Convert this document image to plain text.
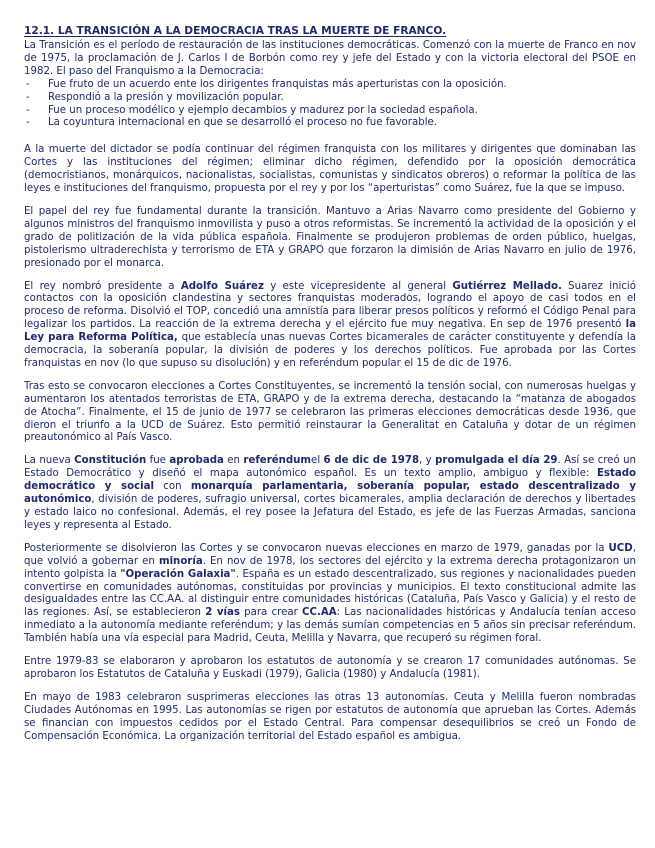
12.1. LA TRANSICIÓN A LA DEMOCRACIA TRAS LA MUERTE DE FRANCO.

La Transición es el período de restauración de las instituciones democráticas. Comenzó con la muerte de Franco en nov de 1975, la proclamación de J. Carlos I de Borbón como rey y jefe del Estado y con la victoria electoral del PSOE en 1982. El paso del Franquismo a la Democracia:

- Fue fruto de un acuerdo ente los dirigentes franquistas más aperturistas con la oposición.
- Respondió a la presión y movilización popular.
- Fue un proceso modélico y ejemplo decambios y madurez por la sociedad española.
- La coyuntura internacional en que se desarrolló el proceso no fue favorable.

A la muerte del dictador se podía continuar del régimen franquista con los militares y dirigentes que dominaban las Cortes y las instituciones del régimen; eliminar dicho régimen, defendido por la oposición democrática (democristianos, monárquicos, nacionalistas, socialistas, comunistas y sindicatos obreros) o reformar la política de las leyes e instituciones del franquismo, propuesta por el rey y por los “aperturistas” como Suárez, fue la que se impuso.

El papel del rey fue fundamental durante la transición. Mantuvo a Arias Navarro como presidente del Gobierno y algunos ministros del franquismo inmovilista y puso a otros reformistas. Se incrementó la actividad de la oposición y el grado de politización de la vida pública española. Finalmente se produjeron problemas de orden público, huelgas, pistolerismo ultraderechista y terrorismo de ETA y GRAPO que forzaron la dimisión de Arias Navarro en julio de 1976, presionado por el monarca.

El rey nombró presidente a Adolfo Suárez y este vicepresidente al general Gutiérrez Mellado. Suarez inició contactos con la oposición clandestina y sectores franquistas moderados, logrando el apoyo de casi todos en el proceso de reforma. Disolvió el TOP, concedió una amnistía para liberar presos políticos y reformó el Código Penal para legalizar los partidos. La reacción de la extrema derecha y el ejército fue muy negativa. En sep de 1976 presentó la Ley para Reforma Política, que establecía unas nuevas Cortes bicamerales de carácter constituyente y defendía la democracia, la soberanía popular, la división de poderes y los derechos políticos. Fue aprobada por las Cortes franquistas en nov (lo que supuso su disolución) y en referéndum popular el 15 de dic de 1976.

Tras esto se convocaron elecciones a Cortes Constituyentes, se incrementó la tensión social, con numerosas huelgas y aumentaron los atentados terroristas de ETA, GRAPO y de la extrema derecha, destacando la “matanza de abogados de Atocha”. Finalmente, el 15 de junio de 1977 se celebraron las primeras elecciones democráticas desde 1936, que dieron el triunfo a la UCD de Suárez. Esto permitió reinstaurar la Generalitat en Cataluña y dotar de un régimen preautonómico al País Vasco.

La nueva Constitución fue aprobada en referéndumel 6 de dic de 1978, y promulgada el día 29. Así se creó un Estado Democrático y diseñó el mapa autonómico español. Es un texto amplio, ambiguo y flexible: Estado democrático y social con monarquía parlamentaria, soberanía popular, estado descentralizado y autonómico, división de poderes, sufragio universal, cortes bicamerales, amplia declaración de derechos y libertades y estado laico no confesional. Además, el rey posee la Jefatura del Estado, es jefe de las Fuerzas Armadas, sanciona leyes y representa al Estado.

Posteriormente se disolvieron las Cortes y se convocaron nuevas elecciones en marzo de 1979, ganadas por la UCD, que volvió a gobernar en minoría. En nov de 1978, los sectores del ejército y la extrema derecha protagonizaron un intento golpista la "Operación Galaxia". España es un estado descentralizado, sus regiones y nacionalidades pueden convertirse en comunidades autónomas, constituidas por provincias y municipios. El texto constitucional admite las desigualdades entre las CC.AA. al distinguir entre comunidades históricas (Cataluña, País Vasco y Galicia) y el resto de las regiones. Así, se establecieron 2 vías para crear CC.AA: Las nacionalidades históricas y Andalucía tenían acceso inmediato a la autonomía mediante referéndum; y las demás sumían competencias en 5 años sin precisar referéndum. También había una vía especial para Madrid, Ceuta, Melilla y Navarra, que recuperó su régimen foral.

Entre 1979-83 se elaboraron y aprobaron los estatutos de autonomía y se crearon 17 comunidades autónomas. Se aprobaron los Estatutos de Cataluña y Euskadi (1979), Galicia (1980) y Andalucía (1981).

En mayo de 1983 celebraron susprimeras elecciones las otras 13 autonomías. Ceuta y Melilla fueron nombradas Ciudades Autónomas en 1995. Las autonomías se rigen por estatutos de autonomía que aprueban las Cortes. Además se financian con impuestos cedidos por el Estado Central. Para compensar desequilibrios se creó un Fondo de Compensación Económica. La organización territorial del Estado español es ambigua.
